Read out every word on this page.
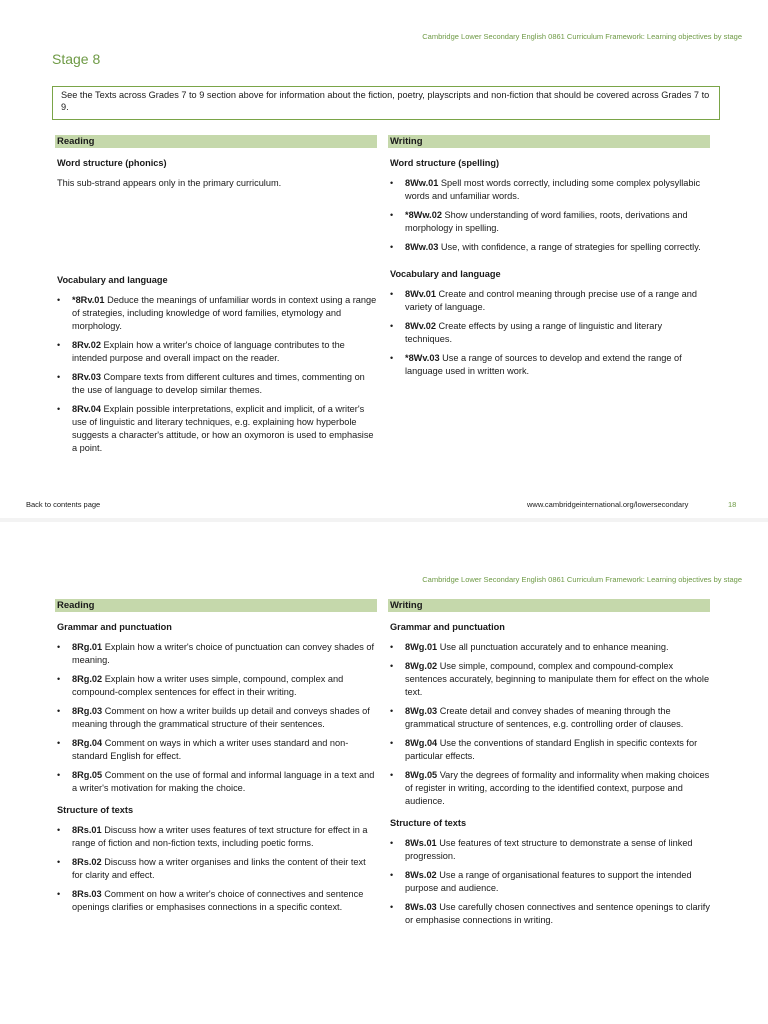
Cambridge Lower Secondary English 0861 Curriculum Framework: Learning objectives by stage
Stage 8
See the Texts across Grades 7 to 9 section above for information about the fiction, poetry, playscripts and non-fiction that should be covered across Grades 7 to 9.
Reading
Word structure (phonics)
This sub-strand appears only in the primary curriculum.
Vocabulary and language
• *8Rv.01 Deduce the meanings of unfamiliar words in context using a range of strategies, including knowledge of word families, etymology and morphology.
• 8Rv.02 Explain how a writer's choice of language contributes to the intended purpose and overall impact on the reader.
• 8Rv.03 Compare texts from different cultures and times, commenting on the use of language to develop similar themes.
• 8Rv.04 Explain possible interpretations, explicit and implicit, of a writer's use of linguistic and literary techniques, e.g. explaining how hyperbole suggests a character's attitude, or how an oxymoron is used to emphasise a point.
Writing
Word structure (spelling)
• 8Ww.01 Spell most words correctly, including some complex polysyllabic words and unfamiliar words.
• *8Ww.02 Show understanding of word families, roots, derivations and morphology in spelling.
• 8Ww.03 Use, with confidence, a range of strategies for spelling correctly.
Vocabulary and language
• 8Wv.01 Create and control meaning through precise use of a range and variety of language.
• 8Wv.02 Create effects by using a range of linguistic and literary techniques.
• *8Wv.03 Use a range of sources to develop and extend the range of language used in written work.
Back to contents page	www.cambridgeinternational.org/lowersecondary	18
Cambridge Lower Secondary English 0861 Curriculum Framework: Learning objectives by stage
Reading
Grammar and punctuation
• 8Rg.01 Explain how a writer's choice of punctuation can convey shades of meaning.
• 8Rg.02 Explain how a writer uses simple, compound, complex and compound-complex sentences for effect in their writing.
• 8Rg.03 Comment on how a writer builds up detail and conveys shades of meaning through the grammatical structure of their sentences.
• 8Rg.04 Comment on ways in which a writer uses standard and non-standard English for effect.
• 8Rg.05 Comment on the use of formal and informal language in a text and a writer's motivation for making the choice.
Structure of texts
• 8Rs.01 Discuss how a writer uses features of text structure for effect in a range of fiction and non-fiction texts, including poetic forms.
• 8Rs.02 Discuss how a writer organises and links the content of their text for clarity and effect.
• 8Rs.03 Comment on how a writer's choice of connectives and sentence openings clarifies or emphasises connections in a specific context.
Writing
Grammar and punctuation
• 8Wg.01 Use all punctuation accurately and to enhance meaning.
• 8Wg.02 Use simple, compound, complex and compound-complex sentences accurately, beginning to manipulate them for effect on the whole text.
• 8Wg.03 Create detail and convey shades of meaning through the grammatical structure of sentences, e.g. controlling order of clauses.
• 8Wg.04 Use the conventions of standard English in specific contexts for particular effects.
• 8Wg.05 Vary the degrees of formality and informality when making choices of register in writing, according to the identified context, purpose and audience.
Structure of texts
• 8Ws.01 Use features of text structure to demonstrate a sense of linked progression.
• 8Ws.02 Use a range of organisational features to support the intended purpose and audience.
• 8Ws.03 Use carefully chosen connectives and sentence openings to clarify or emphasise connections in writing.
